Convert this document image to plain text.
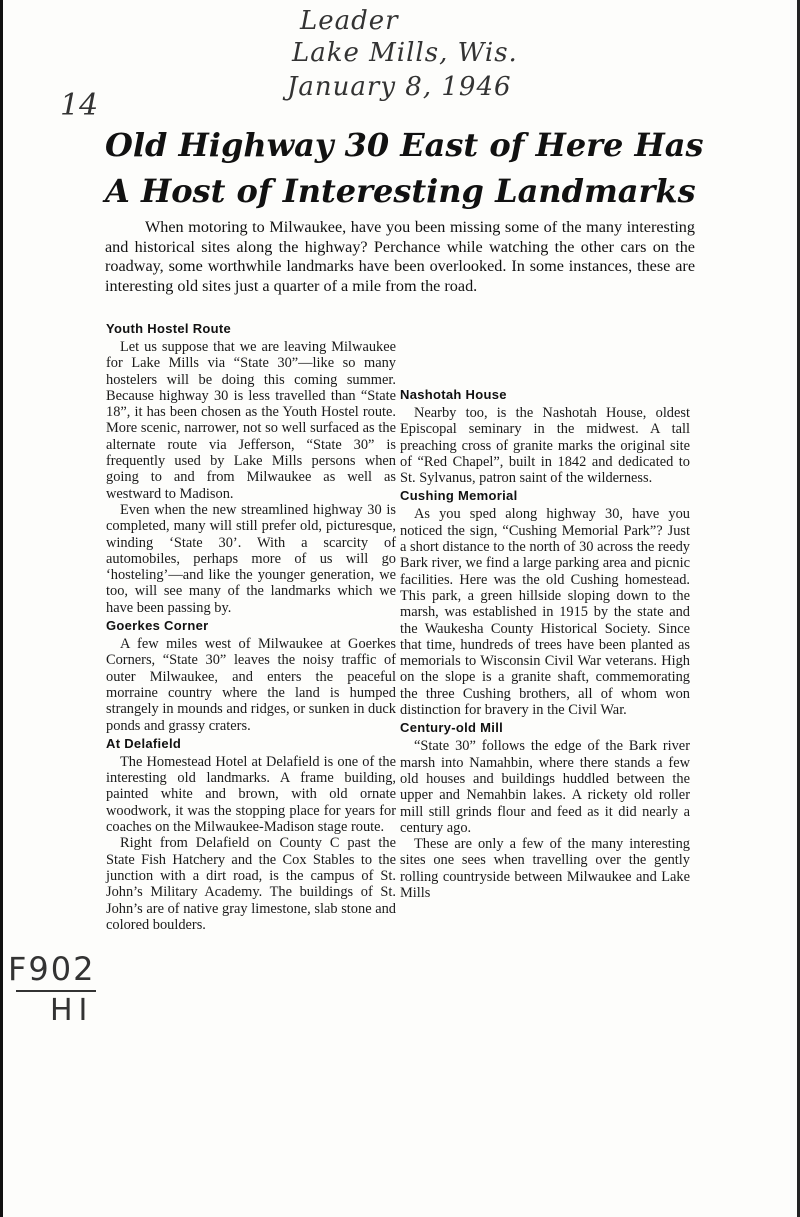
Leader
Lake Mills, Wis.
January 8, 1946
14
Old Highway 30 East of Here Has
A Host of Interesting Landmarks

When motoring to Milwaukee, have you been missing some of the many interesting and historical sites along the highway? Perchance while watching the other cars on the roadway, some worthwhile landmarks have been overlooked. In some instances, these are interesting old sites just a quarter of a mile from the road.

Youth Hostel Route

Let us suppose that we are leaving Milwaukee for Lake Mills via “State 30”—like so many hostelers will be doing this coming summer. Because highway 30 is less travelled than “State 18”, it has been chosen as the Youth Hostel route. More scenic, narrower, not so well surfaced as the alternate route via Jefferson, “State 30” is frequently used by Lake Mills persons when going to and from Milwaukee as well as westward to Madison.

Even when the new streamlined highway 30 is completed, many will still prefer old, picturesque, winding ‘State 30’. With a scarcity of automobiles, perhaps more of us will go ‘hosteling’—and like the younger generation, we too, will see many of the landmarks which we have been passing by.

Goerkes Corner

A few miles west of Milwaukee at Goerkes Corners, “State 30” leaves the noisy traffic of outer Milwaukee, and enters the peaceful morraine country where the land is humped strangely in mounds and ridges, or sunken in duck ponds and grassy craters.

At Delafield

The Homestead Hotel at Delafield is one of the interesting old landmarks. A frame building, painted white and brown, with old ornate woodwork, it was the stopping place for years for coaches on the Milwaukee-Madison stage route.

Right from Delafield on County C past the State Fish Hatchery and the Cox Stables to the junction with a dirt road, is the campus of St. John’s Military Academy. The buildings of St. John’s are of native gray limestone, slab stone and colored boulders.

Nashotah House

Nearby too, is the Nashotah House, oldest Episcopal seminary in the midwest. A tall preaching cross of granite marks the original site of “Red Chapel”, built in 1842 and dedicated to St. Sylvanus, patron saint of the wilderness.

Cushing Memorial

As you sped along highway 30, have you noticed the sign, “Cushing Memorial Park”? Just a short distance to the north of 30 across the reedy Bark river, we find a large parking area and picnic facilities. Here was the old Cushing homestead. This park, a green hillside sloping down to the marsh, was established in 1915 by the state and the Waukesha County Historical Society. Since that time, hundreds of trees have been planted as memorials to Wisconsin Civil War veterans. High on the slope is a granite shaft, commemorating the three Cushing brothers, all of whom won distinction for bravery in the Civil War.

Century-old Mill

“State 30” follows the edge of the Bark river marsh into Namahbin, where there stands a few old houses and buildings huddled between the upper and Nemahbin lakes. A rickety old roller mill still grinds flour and feed as it did nearly a century ago.

These are only a few of the many interesting sites one sees when travelling over the gently rolling countryside between Milwaukee and Lake Mills

F902
HI
